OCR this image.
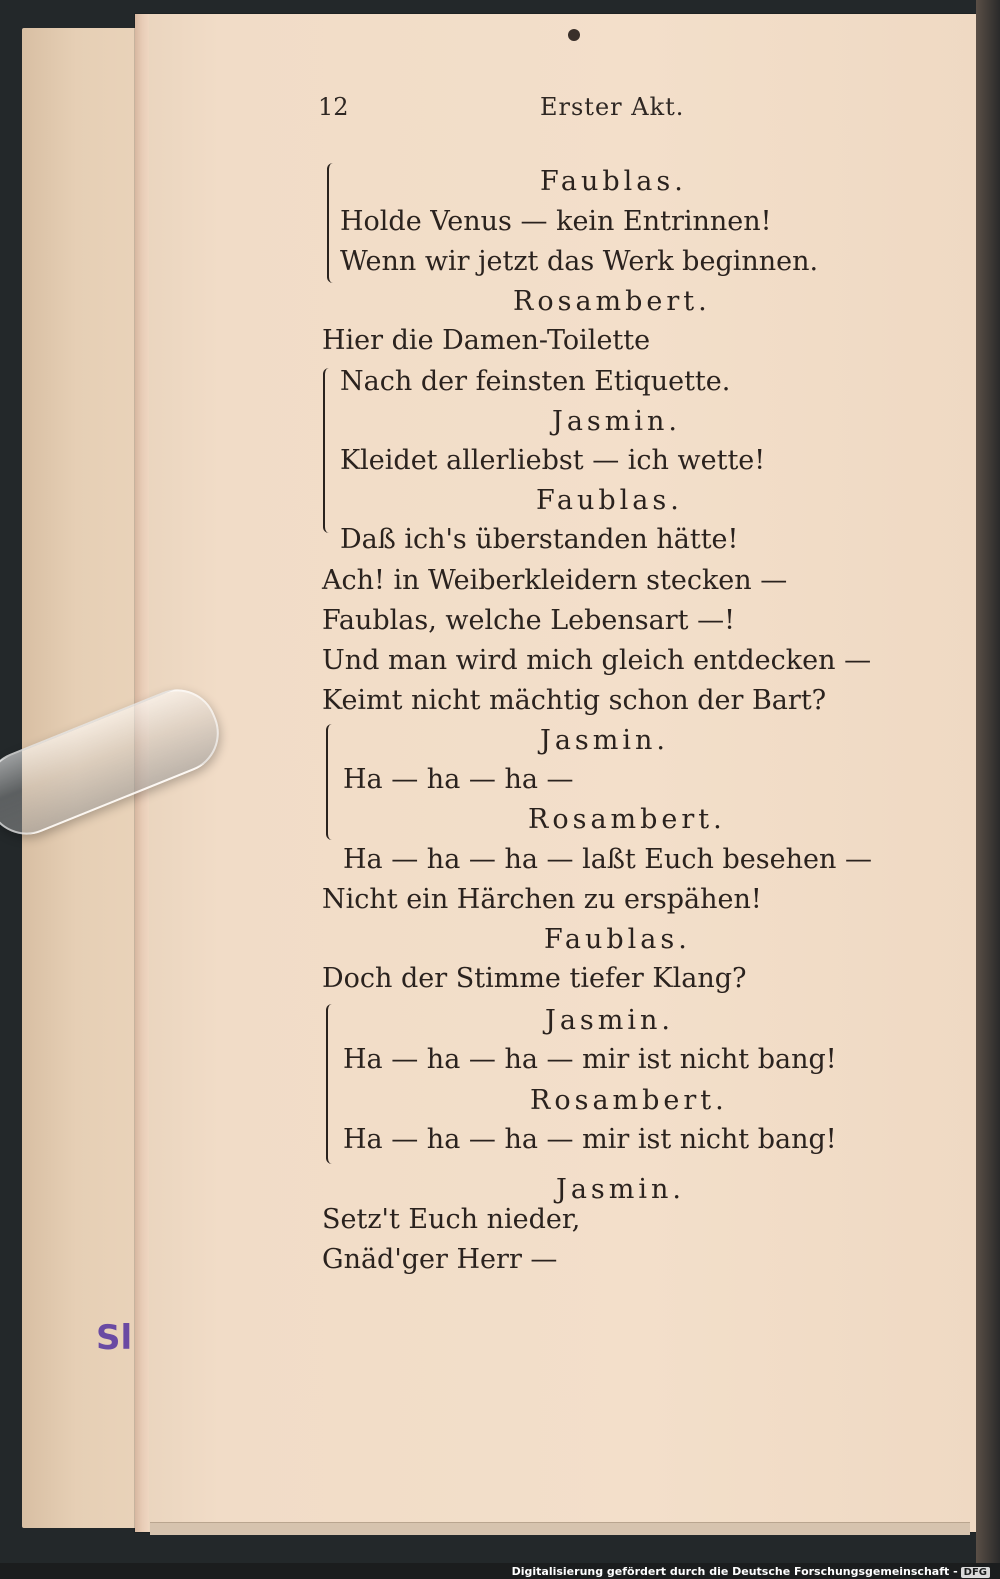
12	Erster Akt.
Faublas.
Holde Venus — kein Entrinnen!
Wenn wir jetzt das Werk beginnen.
Rosambert.
Hier die Damen-Toilette
Nach der feinsten Etiquette.
Jasmin.
Kleidet allerliebst — ich wette!
Faublas.
Daß ich's überstanden hätte!
Ach! in Weiberkleidern stecken —
Faublas, welche Lebensart —!
Und man wird mich gleich entdecken —
Keimt nicht mächtig schon der Bart?
Jasmin.
Ha — ha — ha —
Rosambert.
Ha — ha — ha — laßt Euch besehen —
Nicht ein Härchen zu erspähen!
Faublas.
Doch der Stimme tiefer Klang?
Jasmin.
Ha — ha — ha — mir ist nicht bang!
Rosambert.
Ha — ha — ha — mir ist nicht bang!
Jasmin.
Setz't Euch nieder,
Gnäd'ger Herr —
Sl
Digitalisierung gefördert durch die Deutsche Forschungsgemeinschaft - DFG
